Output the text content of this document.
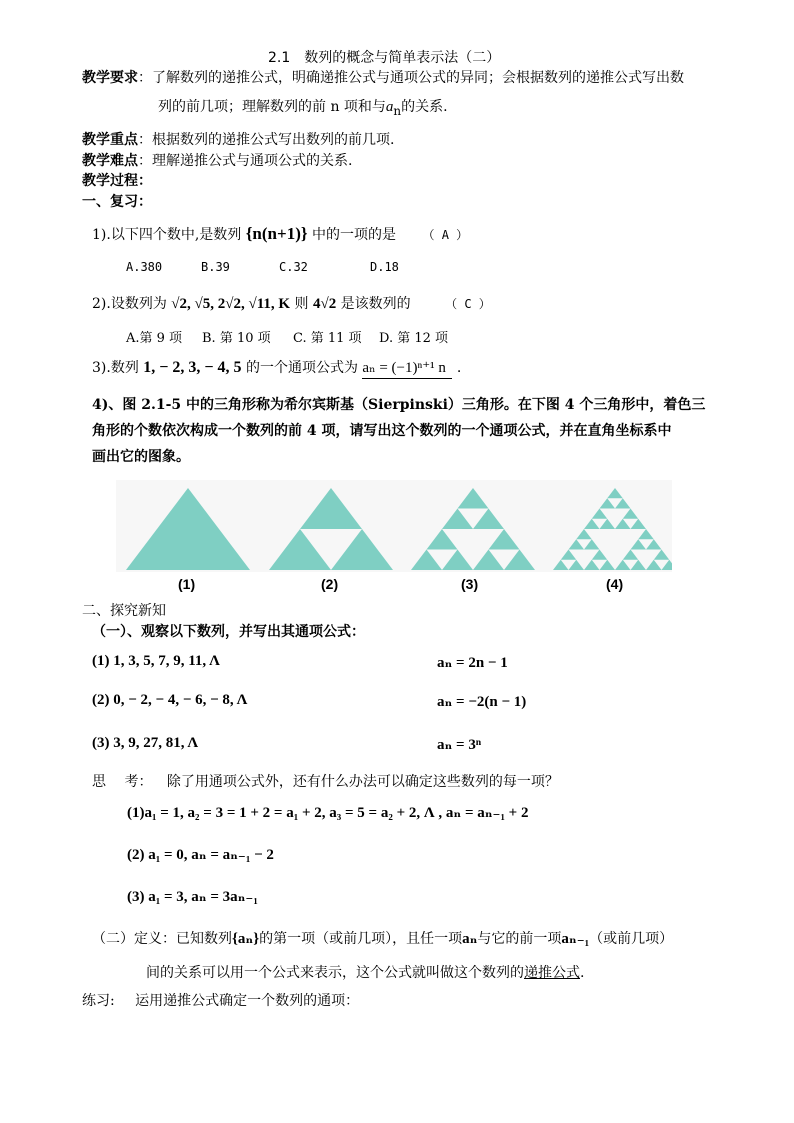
2.1　数列的概念与简单表示法（二）
教学要求：了解数列的递推公式，明确递推公式与通项公式的异同；会根据数列的递推公式写出数
列的前几项；理解数列的前 n 项和与$a_n$的关系.
教学重点：根据数列的递推公式写出数列的前几项.
教学难点：理解递推公式与通项公式的关系.
教学过程：
一、复习：
1).以下四个数中,是数列 {n(n+1)} 中的一项的是 （ A ）
A.380	B.39	C.32	D.18
2).设数列为 √2, √5, 2√2, √11, K 则 4√2 是该数列的	（ C ）
A.第 9 项 B. 第 10 项 C. 第 11 项 D. 第 12 项
3).数列 1, − 2, 3, − 4, 5 的一个通项公式为 aₙ = (−1)ⁿ⁺¹ n .
4)、图 2.1-5 中的三角形称为希尔宾斯基（Sierpinski）三角形。在下图 4 个三角形中，着色三
角形的个数依次构成一个数列的前 4 项，请写出这个数列的一个通项公式，并在直角坐标系中
画出它的图象。
(1)	(2)	(3)	(4)
二、探究新知
（一）、观察以下数列，并写出其通项公式：
(1) 1, 3, 5, 7, 9, 11, Λ	aₙ = 2n − 1
(2) 0, − 2, − 4, − 6, − 8, Λ	aₙ = −2(n − 1)
(3) 3, 9, 27, 81, Λ	aₙ = 3ⁿ
思　 考： 除了用通项公式外，还有什么办法可以确定这些数列的每一项？
(1)a₁ = 1, a₂ = 3 = 1 + 2 = a₁ + 2, a₃ = 5 = a₂ + 2, Λ , aₙ = aₙ₋₁ + 2
(2) a₁ = 0, aₙ = aₙ₋₁ − 2
(3) a₁ = 3, aₙ = 3aₙ₋₁
（二）定义：已知数列{aₙ}的第一项（或前几项），且任一项aₙ与它的前一项aₙ₋₁（或前几项）
间的关系可以用一个公式来表示，这个公式就叫做这个数列的递推公式.
练习: 运用递推公式确定一个数列的通项：
